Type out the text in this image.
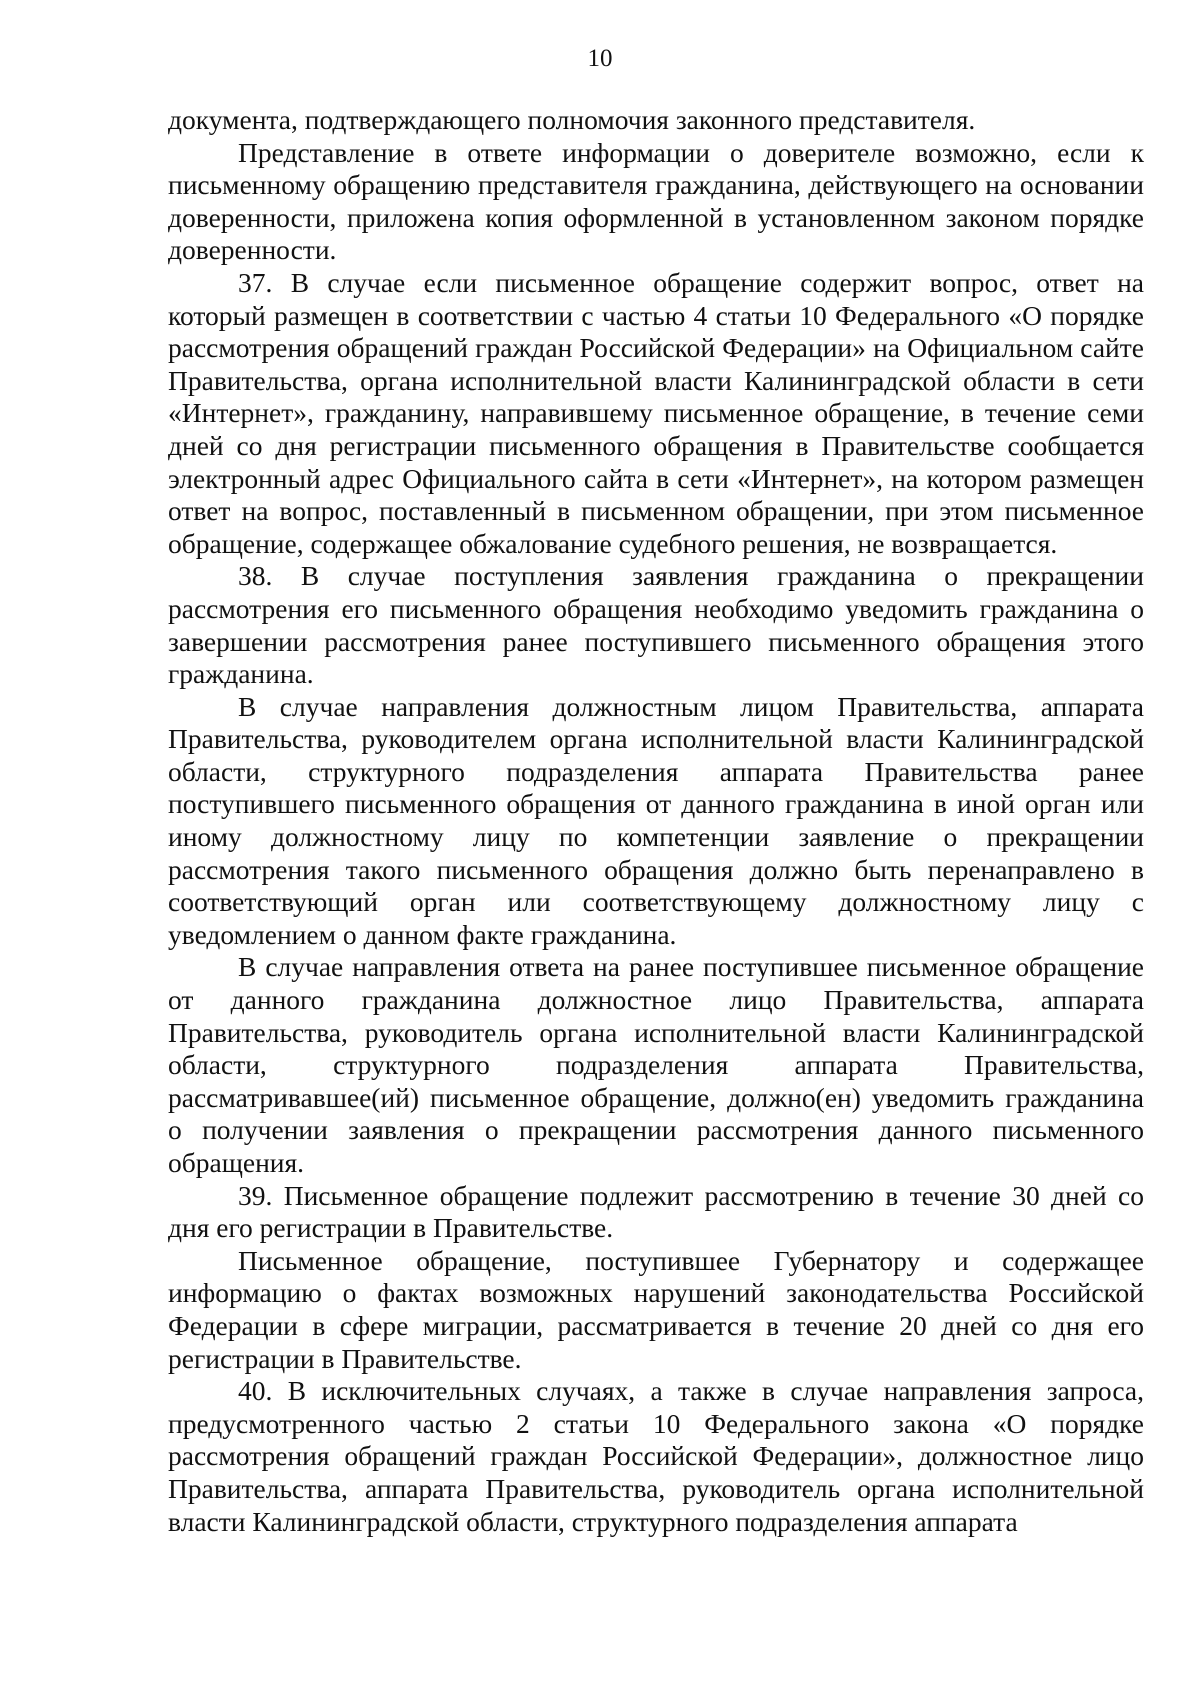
10

документа, подтверждающего полномочия законного представителя.

Представление в ответе информации о доверителе возможно, если к письменному обращению представителя гражданина, действующего на основании доверенности, приложена копия оформленной в установленном законом порядке доверенности.

37. В случае если письменное обращение содержит вопрос, ответ на который размещен в соответствии с частью 4 статьи 10 Федерального «О порядке рассмотрения обращений граждан Российской Федерации» на Официальном сайте Правительства, органа исполнительной власти Калининградской области в сети «Интернет», гражданину, направившему письменное обращение, в течение семи дней со дня регистрации письменного обращения в Правительстве сообщается электронный адрес Официального сайта в сети «Интернет», на котором размещен ответ на вопрос, поставленный в письменном обращении, при этом письменное обращение, содержащее обжалование судебного решения, не возвращается.

38. В случае поступления заявления гражданина о прекращении рассмотрения его письменного обращения необходимо уведомить гражданина о завершении рассмотрения ранее поступившего письменного обращения этого гражданина.

В случае направления должностным лицом Правительства, аппарата Правительства, руководителем органа исполнительной власти Калининградской области, структурного подразделения аппарата Правительства ранее поступившего письменного обращения от данного гражданина в иной орган или иному должностному лицу по компетенции заявление о прекращении рассмотрения такого письменного обращения должно быть перенаправлено в соответствующий орган или соответствующему должностному лицу с уведомлением о данном факте гражданина.

В случае направления ответа на ранее поступившее письменное обращение от данного гражданина должностное лицо Правительства, аппарата Правительства, руководитель органа исполнительной власти Калининградской области, структурного подразделения аппарата Правительства, рассматривавшее(ий) письменное обращение, должно(ен) уведомить гражданина о получении заявления о прекращении рассмотрения данного письменного обращения.

39. Письменное обращение подлежит рассмотрению в течение 30 дней со дня его регистрации в Правительстве.

Письменное обращение, поступившее Губернатору и содержащее информацию о фактах возможных нарушений законодательства Российской Федерации в сфере миграции, рассматривается в течение 20 дней со дня его регистрации в Правительстве.

40. В исключительных случаях, а также в случае направления запроса, предусмотренного частью 2 статьи 10 Федерального закона «О порядке рассмотрения обращений граждан Российской Федерации», должностное лицо Правительства, аппарата Правительства, руководитель органа исполнительной власти Калининградской области, структурного подразделения аппарата
